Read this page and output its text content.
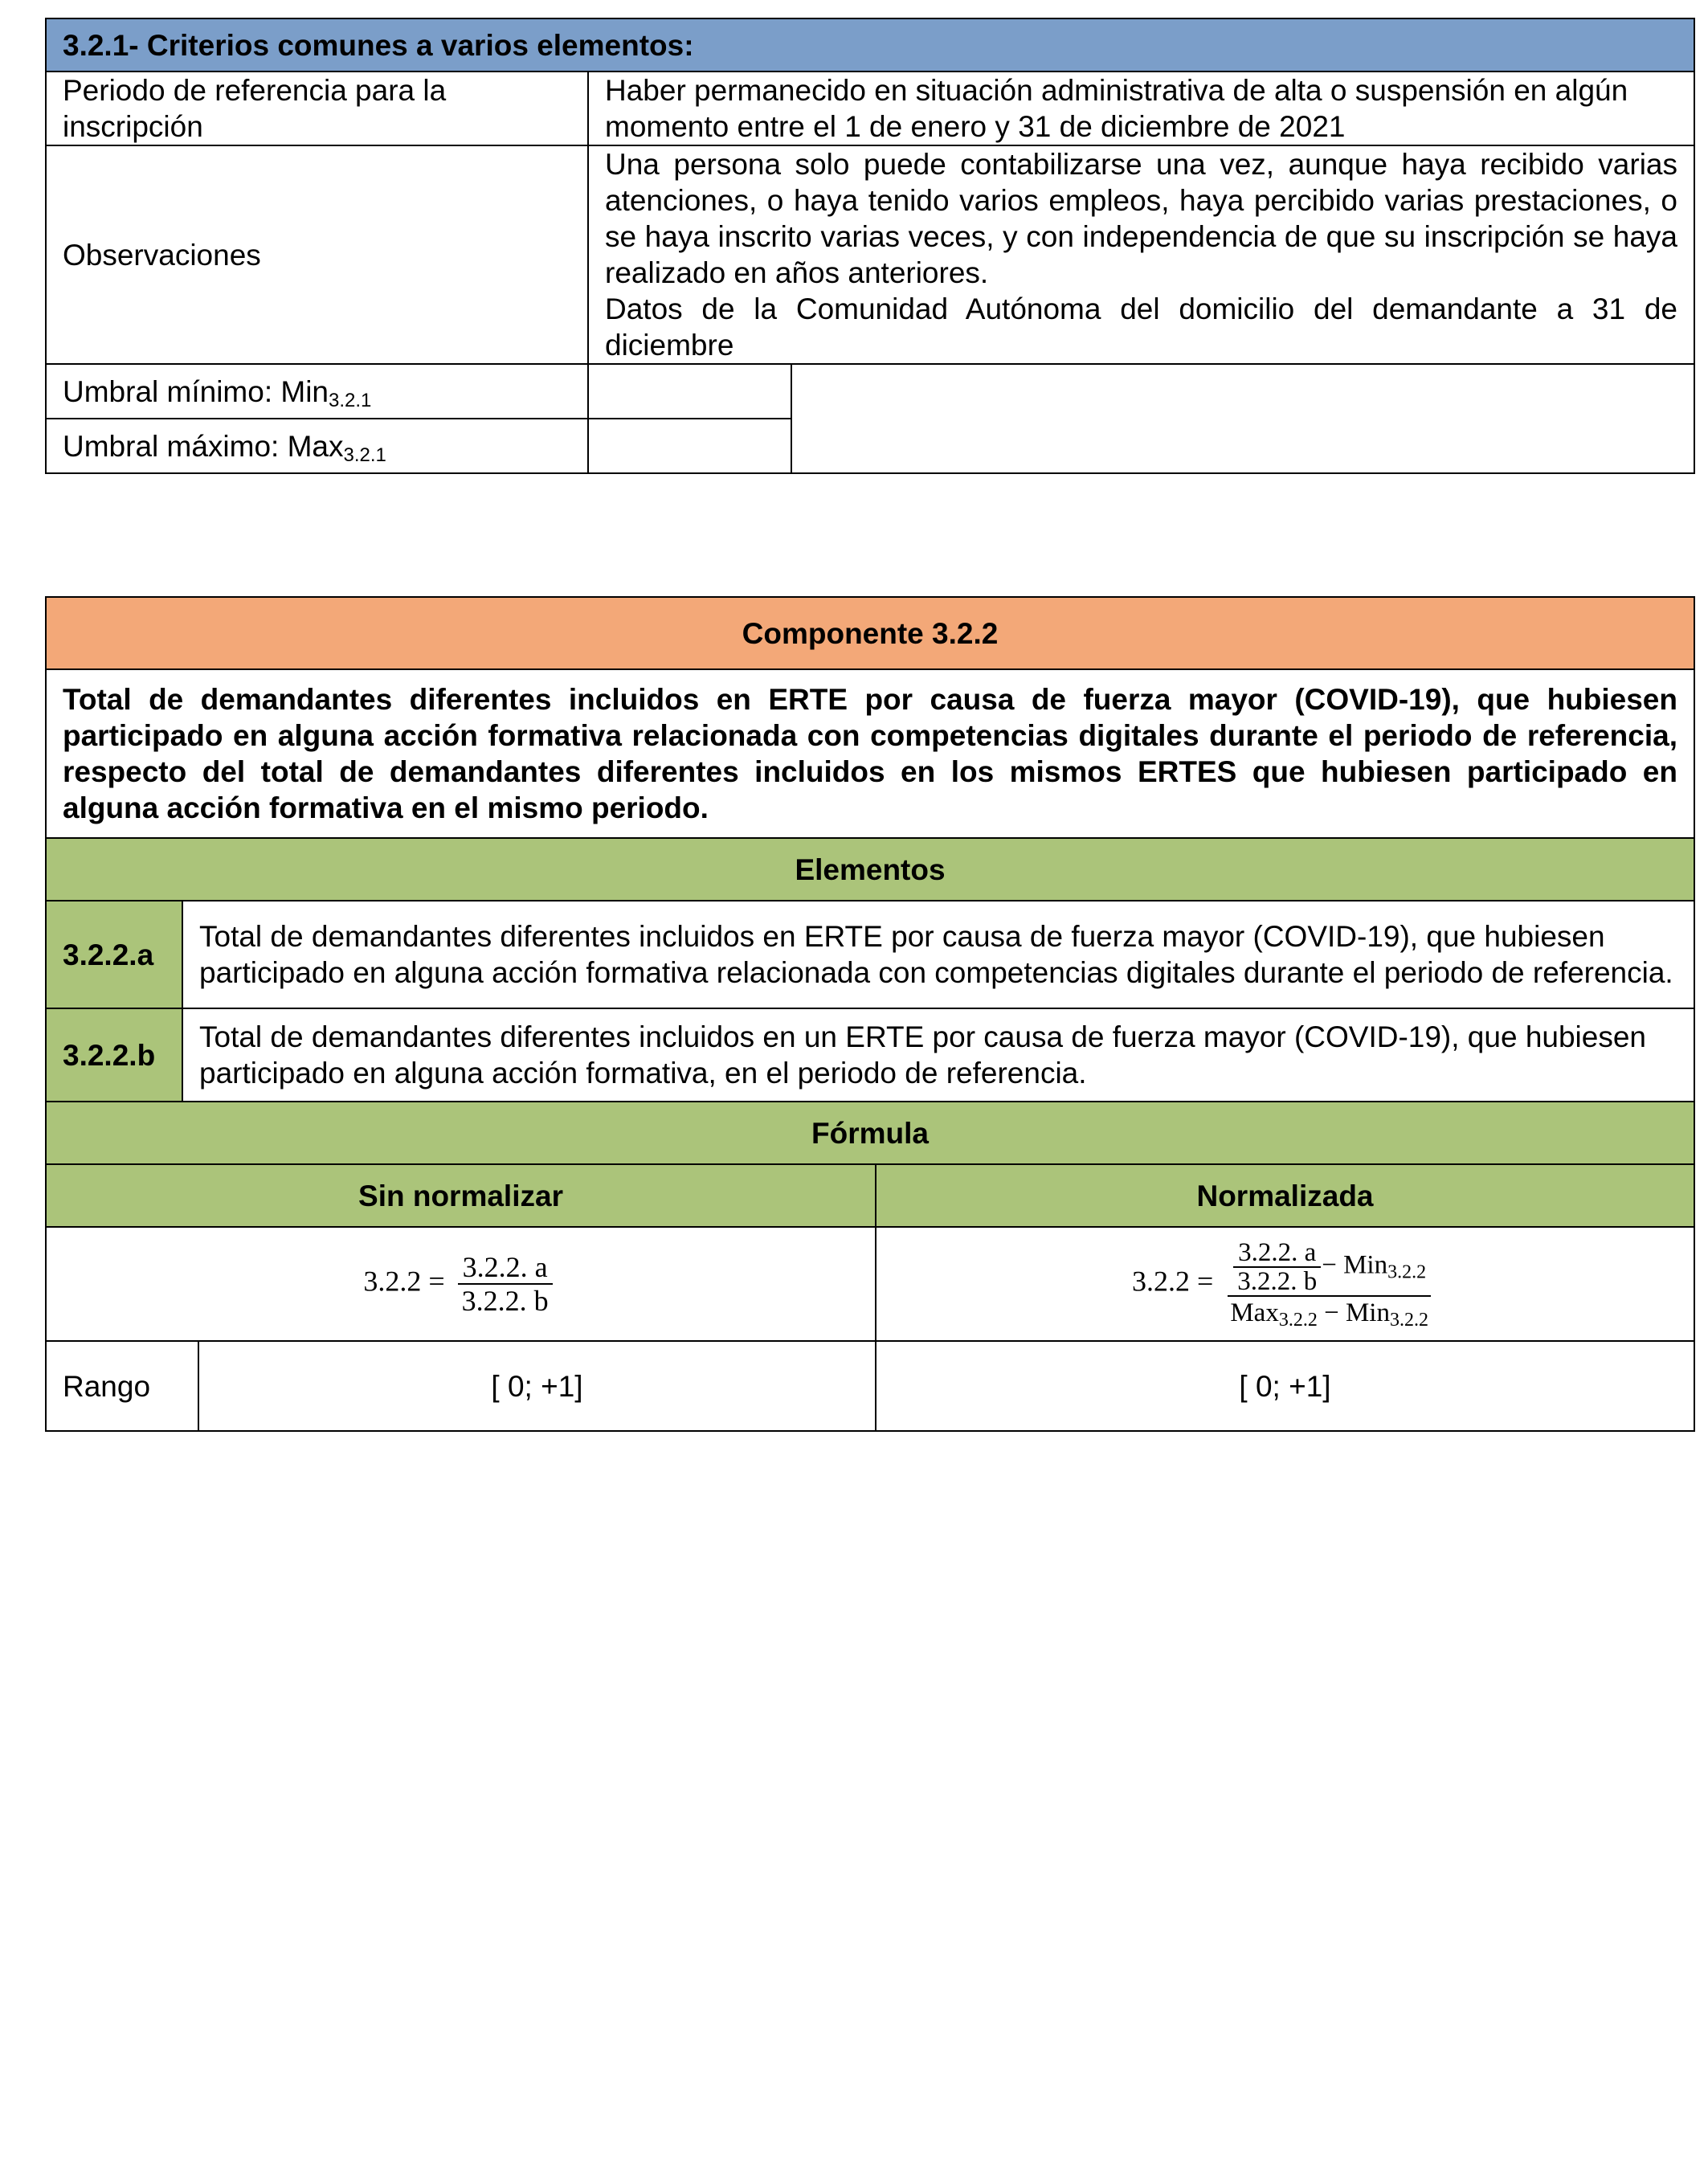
3.2.1- Criterios comunes a varios elementos:		
Periodo de referencia para la inscripción	Haber permanecido en situación administrativa de alta o suspensión en algún momento entre el 1 de enero y 31 de diciembre de 2021	
Observaciones	Una persona solo puede contabilizarse una vez, aunque haya recibido varias atenciones, o haya tenido varios empleos, haya percibido varias prestaciones, o se haya inscrito varias veces, y con independencia de que su inscripción se haya realizado en años anteriores.
Datos de la Comunidad Autónoma del domicilio del demandante a 31 de diciembre	

Umbral mínimo: Min$_{3.2.1}$		
Umbral máximo: Max$_{3.2.1}$	
Componente 3.2.2			
Total de demandantes diferentes incluidos en ERTE por causa de fuerza mayor (COVID-19), que hubiesen participado en alguna acción formativa relacionada con competencias digitales durante el periodo de referencia, respecto del total de demandantes diferentes incluidos en los mismos ERTES que hubiesen participado en alguna acción formativa en el mismo periodo.			
Elementos			
3.2.2.a	Total de demandantes diferentes incluidos en ERTE por causa de fuerza mayor (COVID-19), que hubiesen participado en alguna acción formativa relacionada con competencias digitales durante el periodo de referencia.		
3.2.2.b	Total de demandantes diferentes incluidos en un ERTE por causa de fuerza mayor (COVID-19), que hubiesen participado en alguna acción formativa, en el periodo de referencia.		
Fórmula			
Sin normalizar			Normalizada
$3.2.2 = \frac{3.2.2. a}{3.2.2. b}$			$3.2.2 = \frac{\frac{3.2.2. a}{3.2.2. b} - Min_{3.2.2}}{Max_{3.2.2} - Min_{3.2.2}}$

Rango		[ 0; +1]	[ 0; +1]
